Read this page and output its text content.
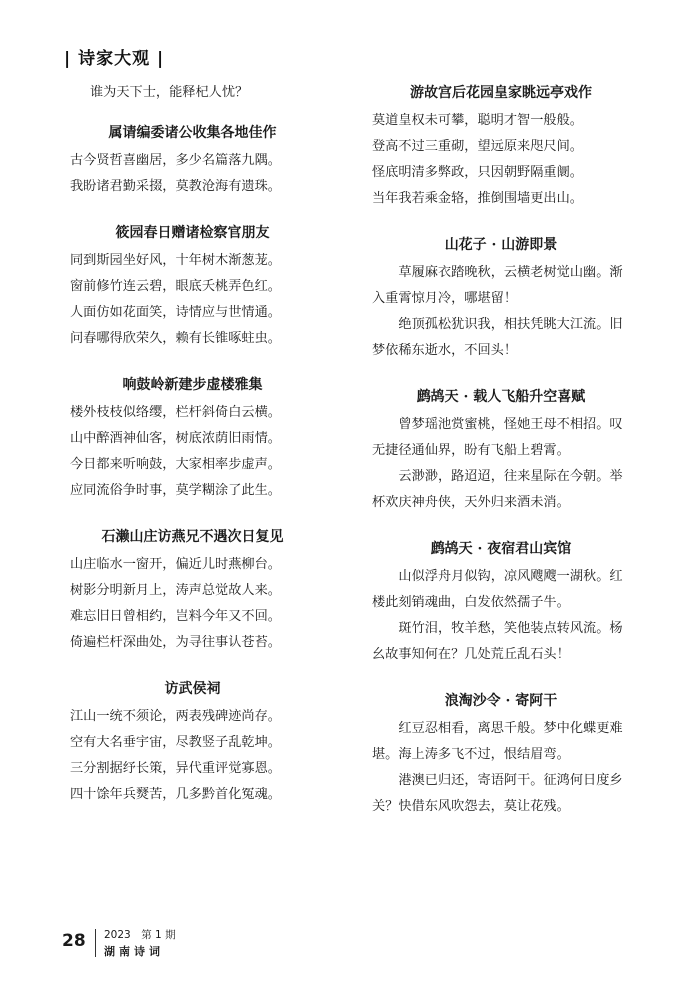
| 诗家大观 |
谁为天下士，能释杞人忧？
属请编委诸公收集各地佳作
古今贤哲喜幽居，多少名篇落九隅。
我盼诸君勤采掇，莫教沧海有遗珠。
筱园春日赠诸检察官朋友
同到斯园坐好风，十年树木渐葱茏。
窗前修竹连云碧，眼底夭桃弄色红。
人面仿如花面笑，诗情应与世情通。
问春哪得欣荣久，赖有长锥啄蛀虫。
响鼓岭新建步虚楼雅集
楼外枝枝似络缨，栏杆斜倚白云横。
山中醉酒神仙客，树底浓荫旧雨情。
今日都来听响鼓，大家相率步虚声。
应同流俗争时事，莫学糊涂了此生。
石濑山庄访燕兄不遇次日复见
山庄临水一窗开，偏近儿时燕柳台。
树影分明新月上，涛声总觉故人来。
难忘旧日曾相约，岂料今年又不回。
倚遍栏杆深曲处，为寻往事认苍苔。
访武侯祠
江山一统不须论，两表残碑迹尚存。
空有大名垂宇宙，尽教竖子乱乾坤。
三分割据纾长策，异代重评觉寡恩。
四十馀年兵燹苦，几多黔首化冤魂。
游故宫后花园皇家眺远亭戏作
莫道皇权未可攀，聪明才智一般般。
登高不过三重砌，望远原来咫尺间。
怪底明清多弊政，只因朝野隔重阛。
当年我若乘金辂，推倒围墙更出山。
山花子 · 山游即景
草履麻衣踏晚秋，云横老树觉山幽。渐入重霄惊月冷，哪堪留！
绝顶孤松犹识我，相扶凭眺大江流。旧梦依稀东逝水，不回头！
鹧鸪天 · 载人飞船升空喜赋
曾梦瑶池赏蜜桃，怪她王母不相招。叹无捷径通仙界，盼有飞船上碧霄。
云渺渺，路迢迢，往来星际在今朝。举杯欢庆神舟侠，天外归来酒未消。
鹧鸪天 · 夜宿君山宾馆
山似浮舟月似钩，凉风飕飕一湖秋。红楼此刻销魂曲，白发依然孺子牛。
斑竹泪，牧羊愁，笑他装点转风流。杨幺故事知何在？几处荒丘乱石头！
浪淘沙令 · 寄阿干
红豆忍相看，离思千般。梦中化蝶更难堪。海上涛多飞不过，恨结眉弯。
港澳已归还，寄语阿干。征鸿何日度乡关？快借东风吹怨去，莫让花残。
28 2023　第 1 期
湖南诗词
